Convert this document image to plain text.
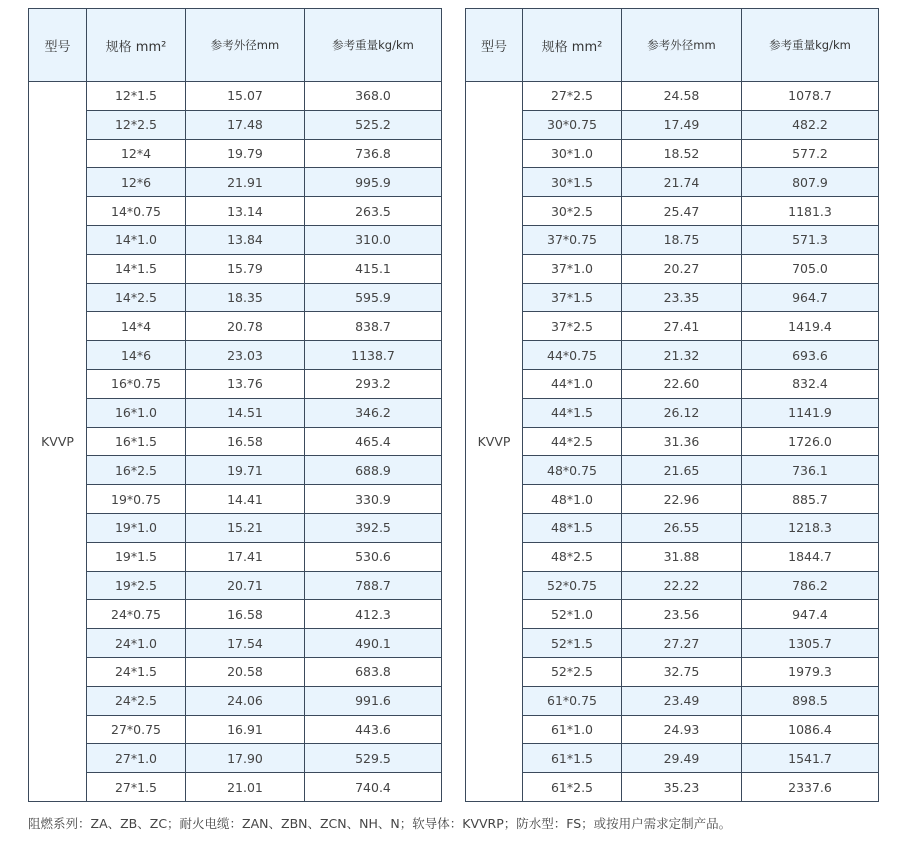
型号	规格 mm²	参考外径mm	参考重量kg/km
KVVP	12*1.5	15.07	368.0
	12*2.5	17.48	525.2
	12*4	19.79	736.8
	12*6	21.91	995.9
	14*0.75	13.14	263.5
	14*1.0	13.84	310.0
	14*1.5	15.79	415.1
	14*2.5	18.35	595.9
	14*4	20.78	838.7
	14*6	23.03	1138.7
	16*0.75	13.76	293.2
	16*1.0	14.51	346.2
	16*1.5	16.58	465.4
	16*2.5	19.71	688.9
	19*0.75	14.41	330.9
	19*1.0	15.21	392.5
	19*1.5	17.41	530.6
	19*2.5	20.71	788.7
	24*0.75	16.58	412.3
	24*1.0	17.54	490.1
	24*1.5	20.58	683.8
	24*2.5	24.06	991.6
	27*0.75	16.91	443.6
	27*1.0	17.90	529.5
	27*1.5	21.01	740.4
型号	规格 mm²	参考外径mm	参考重量kg/km
KVVP	27*2.5	24.58	1078.7
	30*0.75	17.49	482.2
	30*1.0	18.52	577.2
	30*1.5	21.74	807.9
	30*2.5	25.47	1181.3
	37*0.75	18.75	571.3
	37*1.0	20.27	705.0
	37*1.5	23.35	964.7
	37*2.5	27.41	1419.4
	44*0.75	21.32	693.6
	44*1.0	22.60	832.4
	44*1.5	26.12	1141.9
	44*2.5	31.36	1726.0
	48*0.75	21.65	736.1
	48*1.0	22.96	885.7
	48*1.5	26.55	1218.3
	48*2.5	31.88	1844.7
	52*0.75	22.22	786.2
	52*1.0	23.56	947.4
	52*1.5	27.27	1305.7
	52*2.5	32.75	1979.3
	61*0.75	23.49	898.5
	61*1.0	24.93	1086.4
	61*1.5	29.49	1541.7
	61*2.5	35.23	2337.6
阻燃系列：ZA、ZB、ZC；耐火电缆：ZAN、ZBN、ZCN、NH、N；软导体：KVVRP；防水型：FS；或按用户需求定制产品。
